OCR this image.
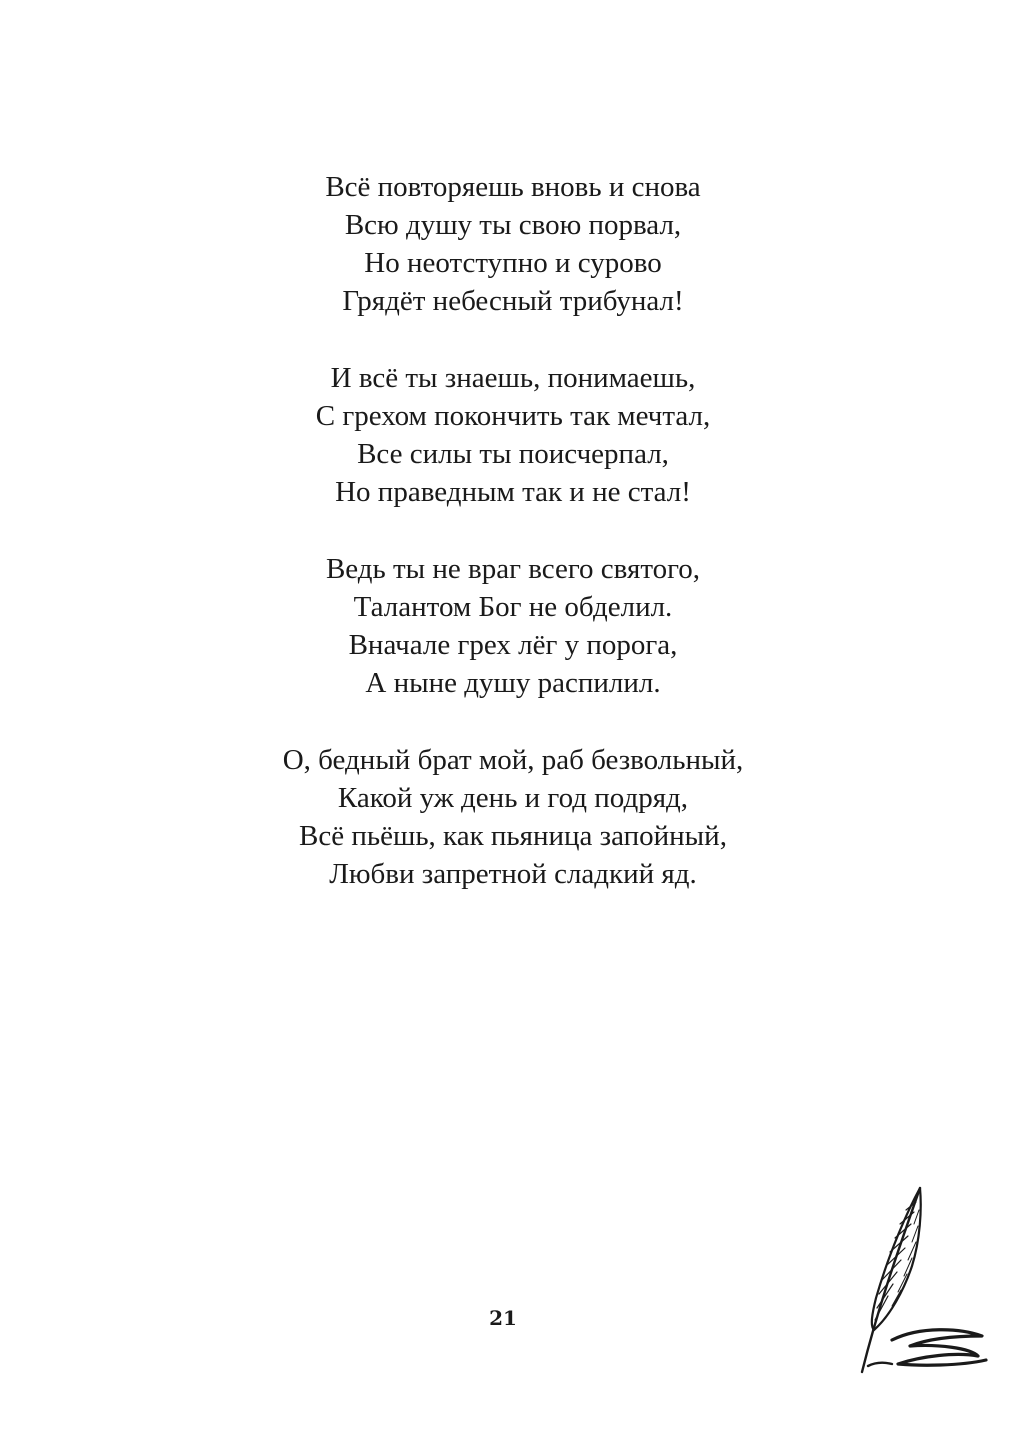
Всё повторяешь вновь и снова
Всю душу ты свою порвал,
Но неотступно и сурово
Грядёт небесный трибунал!
И всё ты знаешь, понимаешь,
С грехом покончить так мечтал,
Все силы ты поисчерпал,
Но праведным так и не стал!
Ведь ты не враг всего святого,
Талантом Бог не обделил.
Вначале грех лёг у порога,
А ныне душу распилил.
О, бедный брат мой, раб безвольный,
Какой уж день и год подряд,
Всё пьёшь, как пьяница запойный,
Любви запретной сладкий яд.
21
